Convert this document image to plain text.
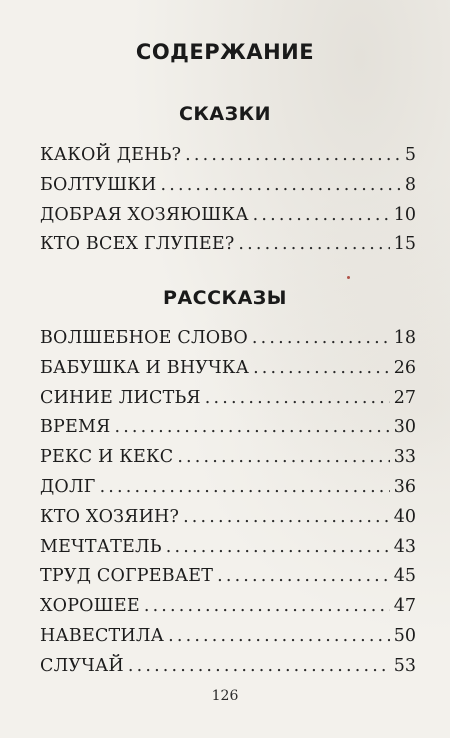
СОДЕРЖАНИЕ
СКАЗКИ
КАКОЙ ДЕНЬ? . . .	5
БОЛТУШКИ . . .	8
ДОБРАЯ ХОЗЯЮШКА . . .	10
КТО ВСЕХ ГЛУПЕЕ? . . .	15
РАССКАЗЫ
ВОЛШЕБНОЕ СЛОВО . . .	18
БАБУШКА И ВНУЧКА . . .	26
СИНИЕ ЛИСТЬЯ . . .	27
ВРЕМЯ . . .	30
РЕКС И КЕКС . . .	33
ДОЛГ . . .	36
КТО ХОЗЯИН? . . .	40
МЕЧТАТЕЛЬ . . .	43
ТРУД СОГРЕВАЕТ . . .	45
ХОРОШЕЕ . . .	47
НАВЕСТИЛА . . .	50
СЛУЧАЙ . . .	53
126
